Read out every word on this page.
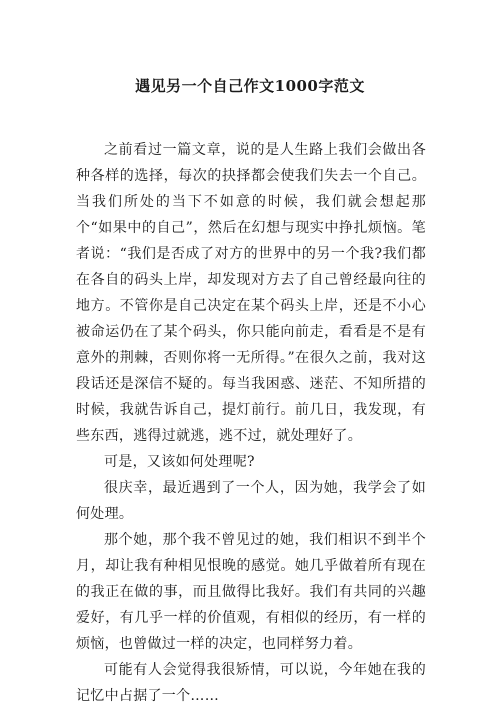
遇见另一个自己作文1000字范文

之前看过一篇文章，说的是人生路上我们会做出各种各样的选择，每次的抉择都会使我们失去一个自己。当我们所处的当下不如意的时候，我们就会想起那个“如果中的自己”，然后在幻想与现实中挣扎烦恼。笔者说：“我们是否成了对方的世界中的另一个我?我们都在各自的码头上岸，却发现对方去了自己曾经最向往的地方。不管你是自己决定在某个码头上岸，还是不小心被命运仍在了某个码头，你只能向前走，看看是不是有意外的荆棘，否则你将一无所得。”在很久之前，我对这段话还是深信不疑的。每当我困惑、迷茫、不知所措的时候，我就告诉自己，提灯前行。前几日，我发现，有些东西，逃得过就逃，逃不过，就处理好了。

可是，又该如何处理呢?

很庆幸，最近遇到了一个人，因为她，我学会了如何处理。

那个她，那个我不曾见过的她，我们相识不到半个月，却让我有种相见恨晚的感觉。她几乎做着所有现在的我正在做的事，而且做得比我好。我们有共同的兴趣爱好，有几乎一样的价值观，有相似的经历，有一样的烦恼，也曾做过一样的决定，也同样努力着。

可能有人会觉得我很矫情，可以说，今年她在我的记忆中占据了一个……
